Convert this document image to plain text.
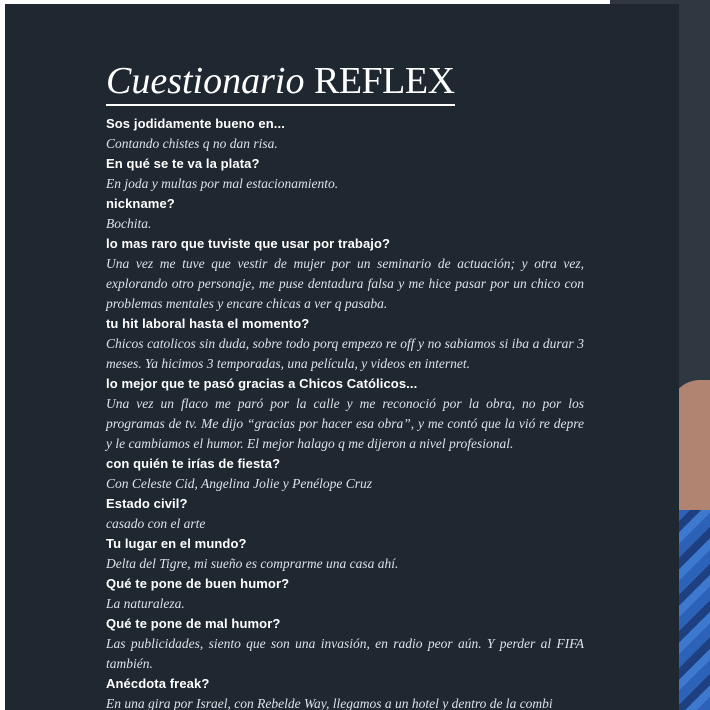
Cuestionario REFLEX

Sos jodidamente bueno en...

Contando chistes q no dan risa.

En qué se te va la plata?

En joda y multas por mal estacionamiento.

nickname?

Bochita.

lo mas raro que tuviste que usar por trabajo?

Una vez me tuve que vestir de mujer por un seminario de actuación; y otra vez, explorando otro personaje, me puse dentadura falsa y me hice pasar por un chico con problemas mentales y encare chicas a ver q pasaba.

tu hit laboral hasta el momento?

Chicos catolicos sin duda, sobre todo porq empezo re off y no sabiamos si iba a durar 3 meses. Ya hicimos 3 temporadas, una película, y videos en internet.

lo mejor que te pasó gracias a Chicos Católicos...

Una vez un flaco me paró por la calle y me reconoció por la obra, no por los programas de tv. Me dijo “gracias por hacer esa obra”, y me contó que la vió re depre y le cambiamos el humor. El mejor halago q me dijeron a nivel profesional.

con quién te irías de fiesta?

Con Celeste Cid, Angelina Jolie y Penélope Cruz

Estado civil?

casado con el arte

Tu lugar en el mundo?

Delta del Tigre, mi sueño es comprarme una casa ahí.

Qué te pone de buen humor?

La naturaleza.

Qué te pone de mal humor?

Las publicidades, siento que son una invasión, en radio peor aún. Y perder al FIFA también.

Anécdota freak?

En una gira por Israel, con Rebelde Way, llegamos a un hotel y dentro de la combi
